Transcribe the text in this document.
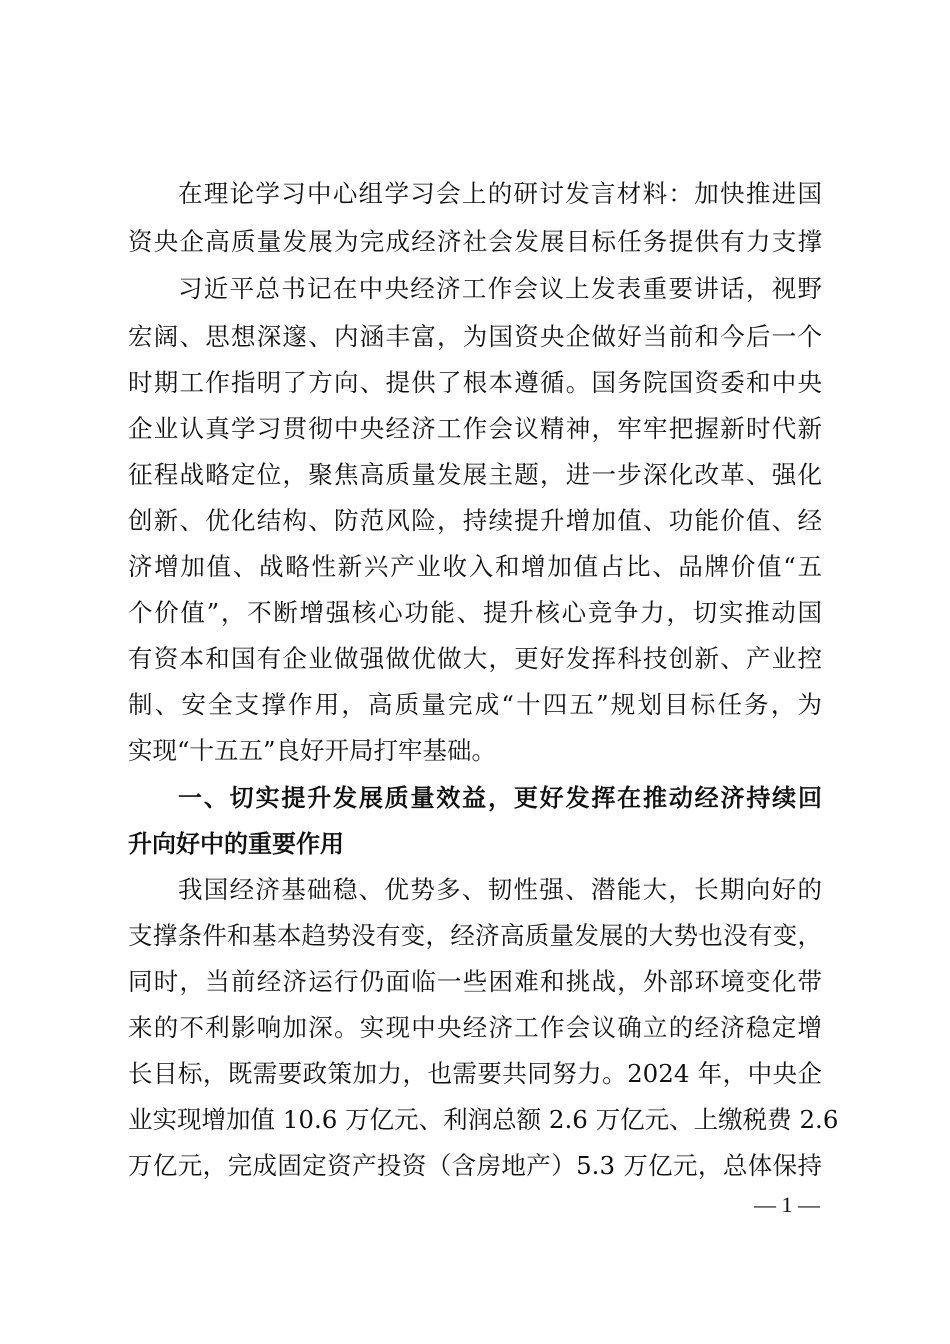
在理论学习中心组学习会上的研讨发言材料：加快推进国
资央企高质量发展为完成经济社会发展目标任务提供有力支撑
习近平总书记在中央经济工作会议上发表重要讲话，视野
宏阔、思想深邃、内涵丰富，为国资央企做好当前和今后一个
时期工作指明了方向、提供了根本遵循。国务院国资委和中央
企业认真学习贯彻中央经济工作会议精神，牢牢把握新时代新
征程战略定位，聚焦高质量发展主题，进一步深化改革、强化
创新、优化结构、防范风险，持续提升增加值、功能价值、经
济增加值、战略性新兴产业收入和增加值占比、品牌价值“五
个价值”，不断增强核心功能、提升核心竞争力，切实推动国
有资本和国有企业做强做优做大，更好发挥科技创新、产业控
制、安全支撑作用，高质量完成“十四五”规划目标任务，为
实现“十五五”良好开局打牢基础。
一、切实提升发展质量效益，更好发挥在推动经济持续回
升向好中的重要作用
我国经济基础稳、优势多、韧性强、潜能大，长期向好的
支撑条件和基本趋势没有变，经济高质量发展的大势也没有变，
同时，当前经济运行仍面临一些困难和挑战，外部环境变化带
来的不利影响加深。实现中央经济工作会议确立的经济稳定增
长目标，既需要政策加力，也需要共同努力。2024 年，中央企
业实现增加值 10.6 万亿元、利润总额 2.6 万亿元、上缴税费 2.6
万亿元，完成固定资产投资（含房地产）5.3 万亿元，总体保持
— 1 —
